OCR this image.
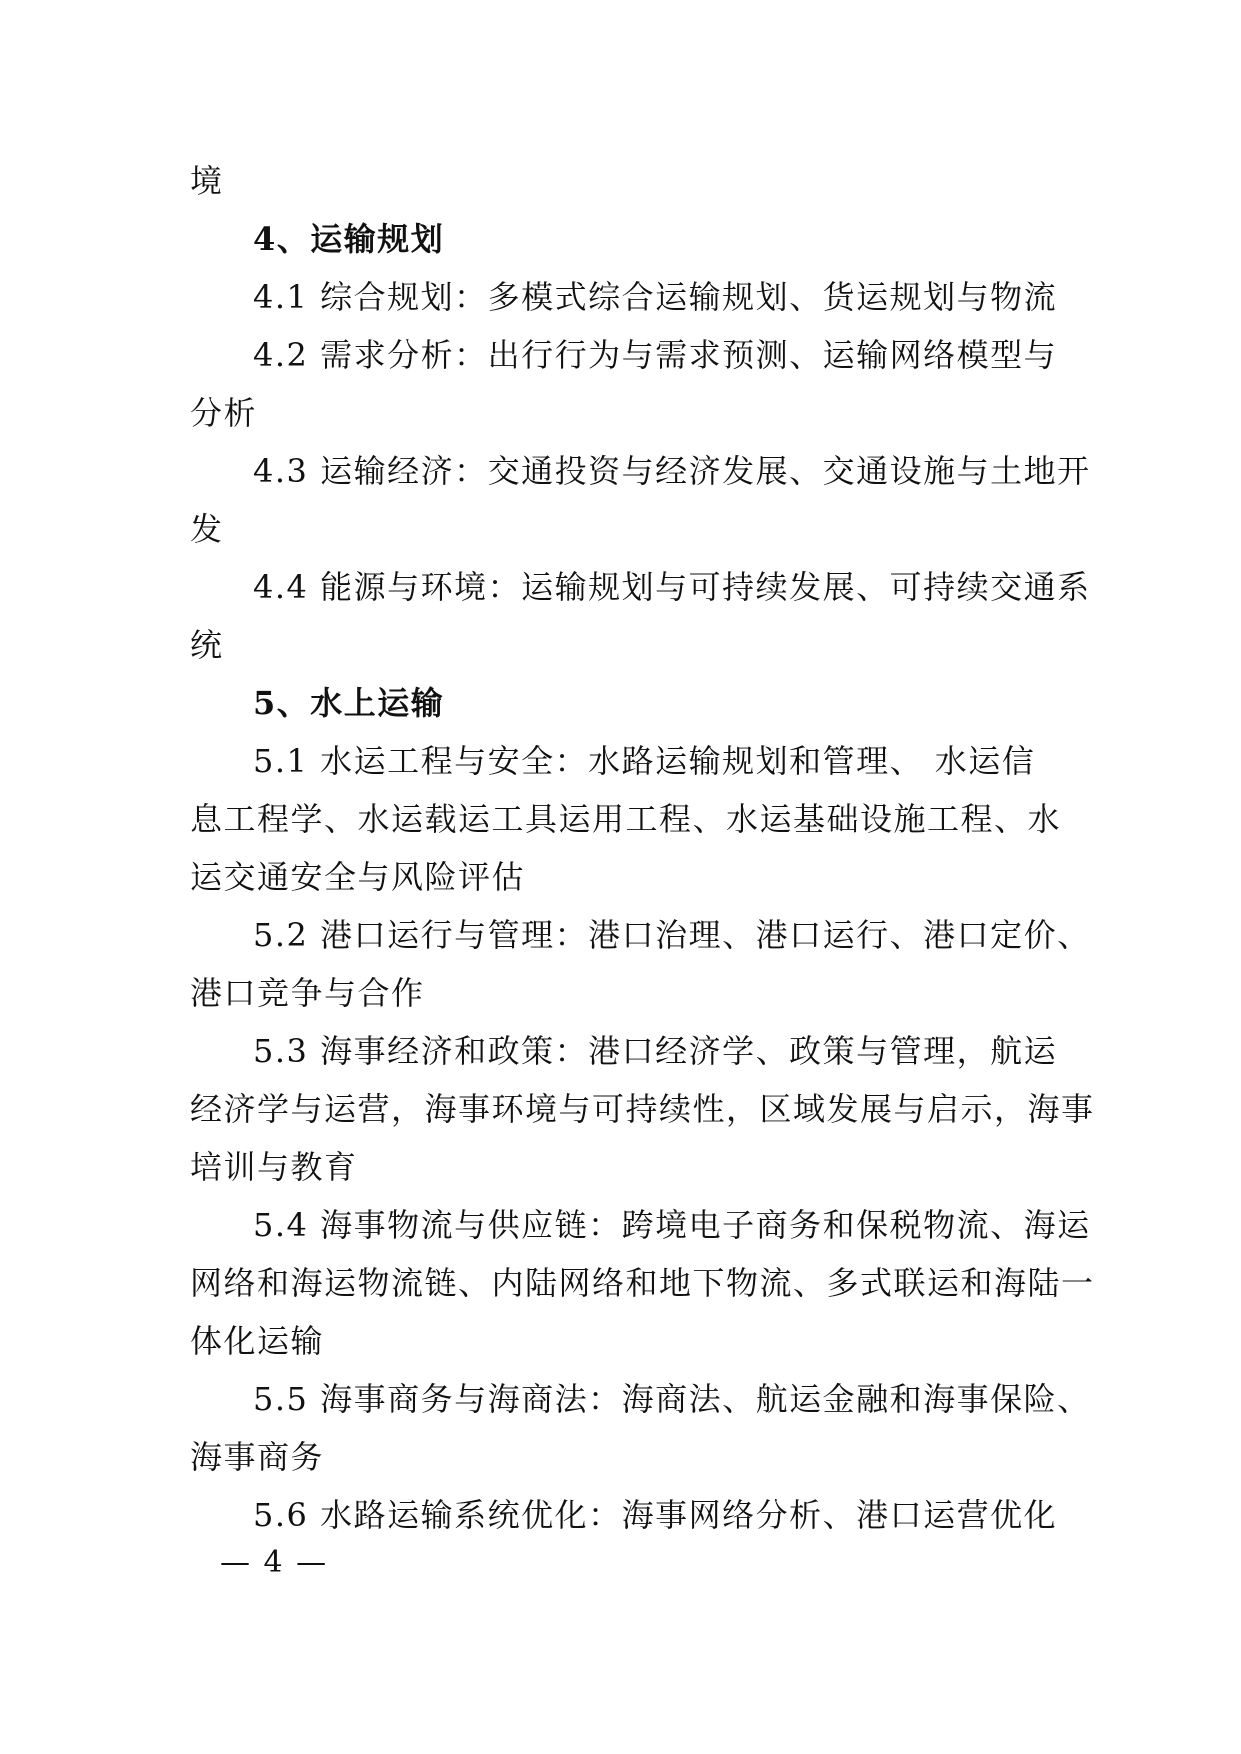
境
4、运输规划
4.1 综合规划：多模式综合运输规划、货运规划与物流
4.2 需求分析：出行行为与需求预测、运输网络模型与
分析
4.3 运输经济：交通投资与经济发展、交通设施与土地开
发
4.4 能源与环境：运输规划与可持续发展、可持续交通系
统
5、水上运输
5.1 水运工程与安全：水路运输规划和管理、 水运信
息工程学、水运载运工具运用工程、水运基础设施工程、水
运交通安全与风险评估
5.2 港口运行与管理：港口治理、港口运行、港口定价、
港口竞争与合作
5.3 海事经济和政策：港口经济学、政策与管理，航运
经济学与运营，海事环境与可持续性，区域发展与启示，海事
培训与教育
5.4 海事物流与供应链：跨境电子商务和保税物流、海运
网络和海运物流链、内陆网络和地下物流、多式联运和海陆一
体化运输
5.5 海事商务与海商法：海商法、航运金融和海事保险、
海事商务
5.6 水路运输系统优化：海事网络分析、港口运营优化
— 4 —
